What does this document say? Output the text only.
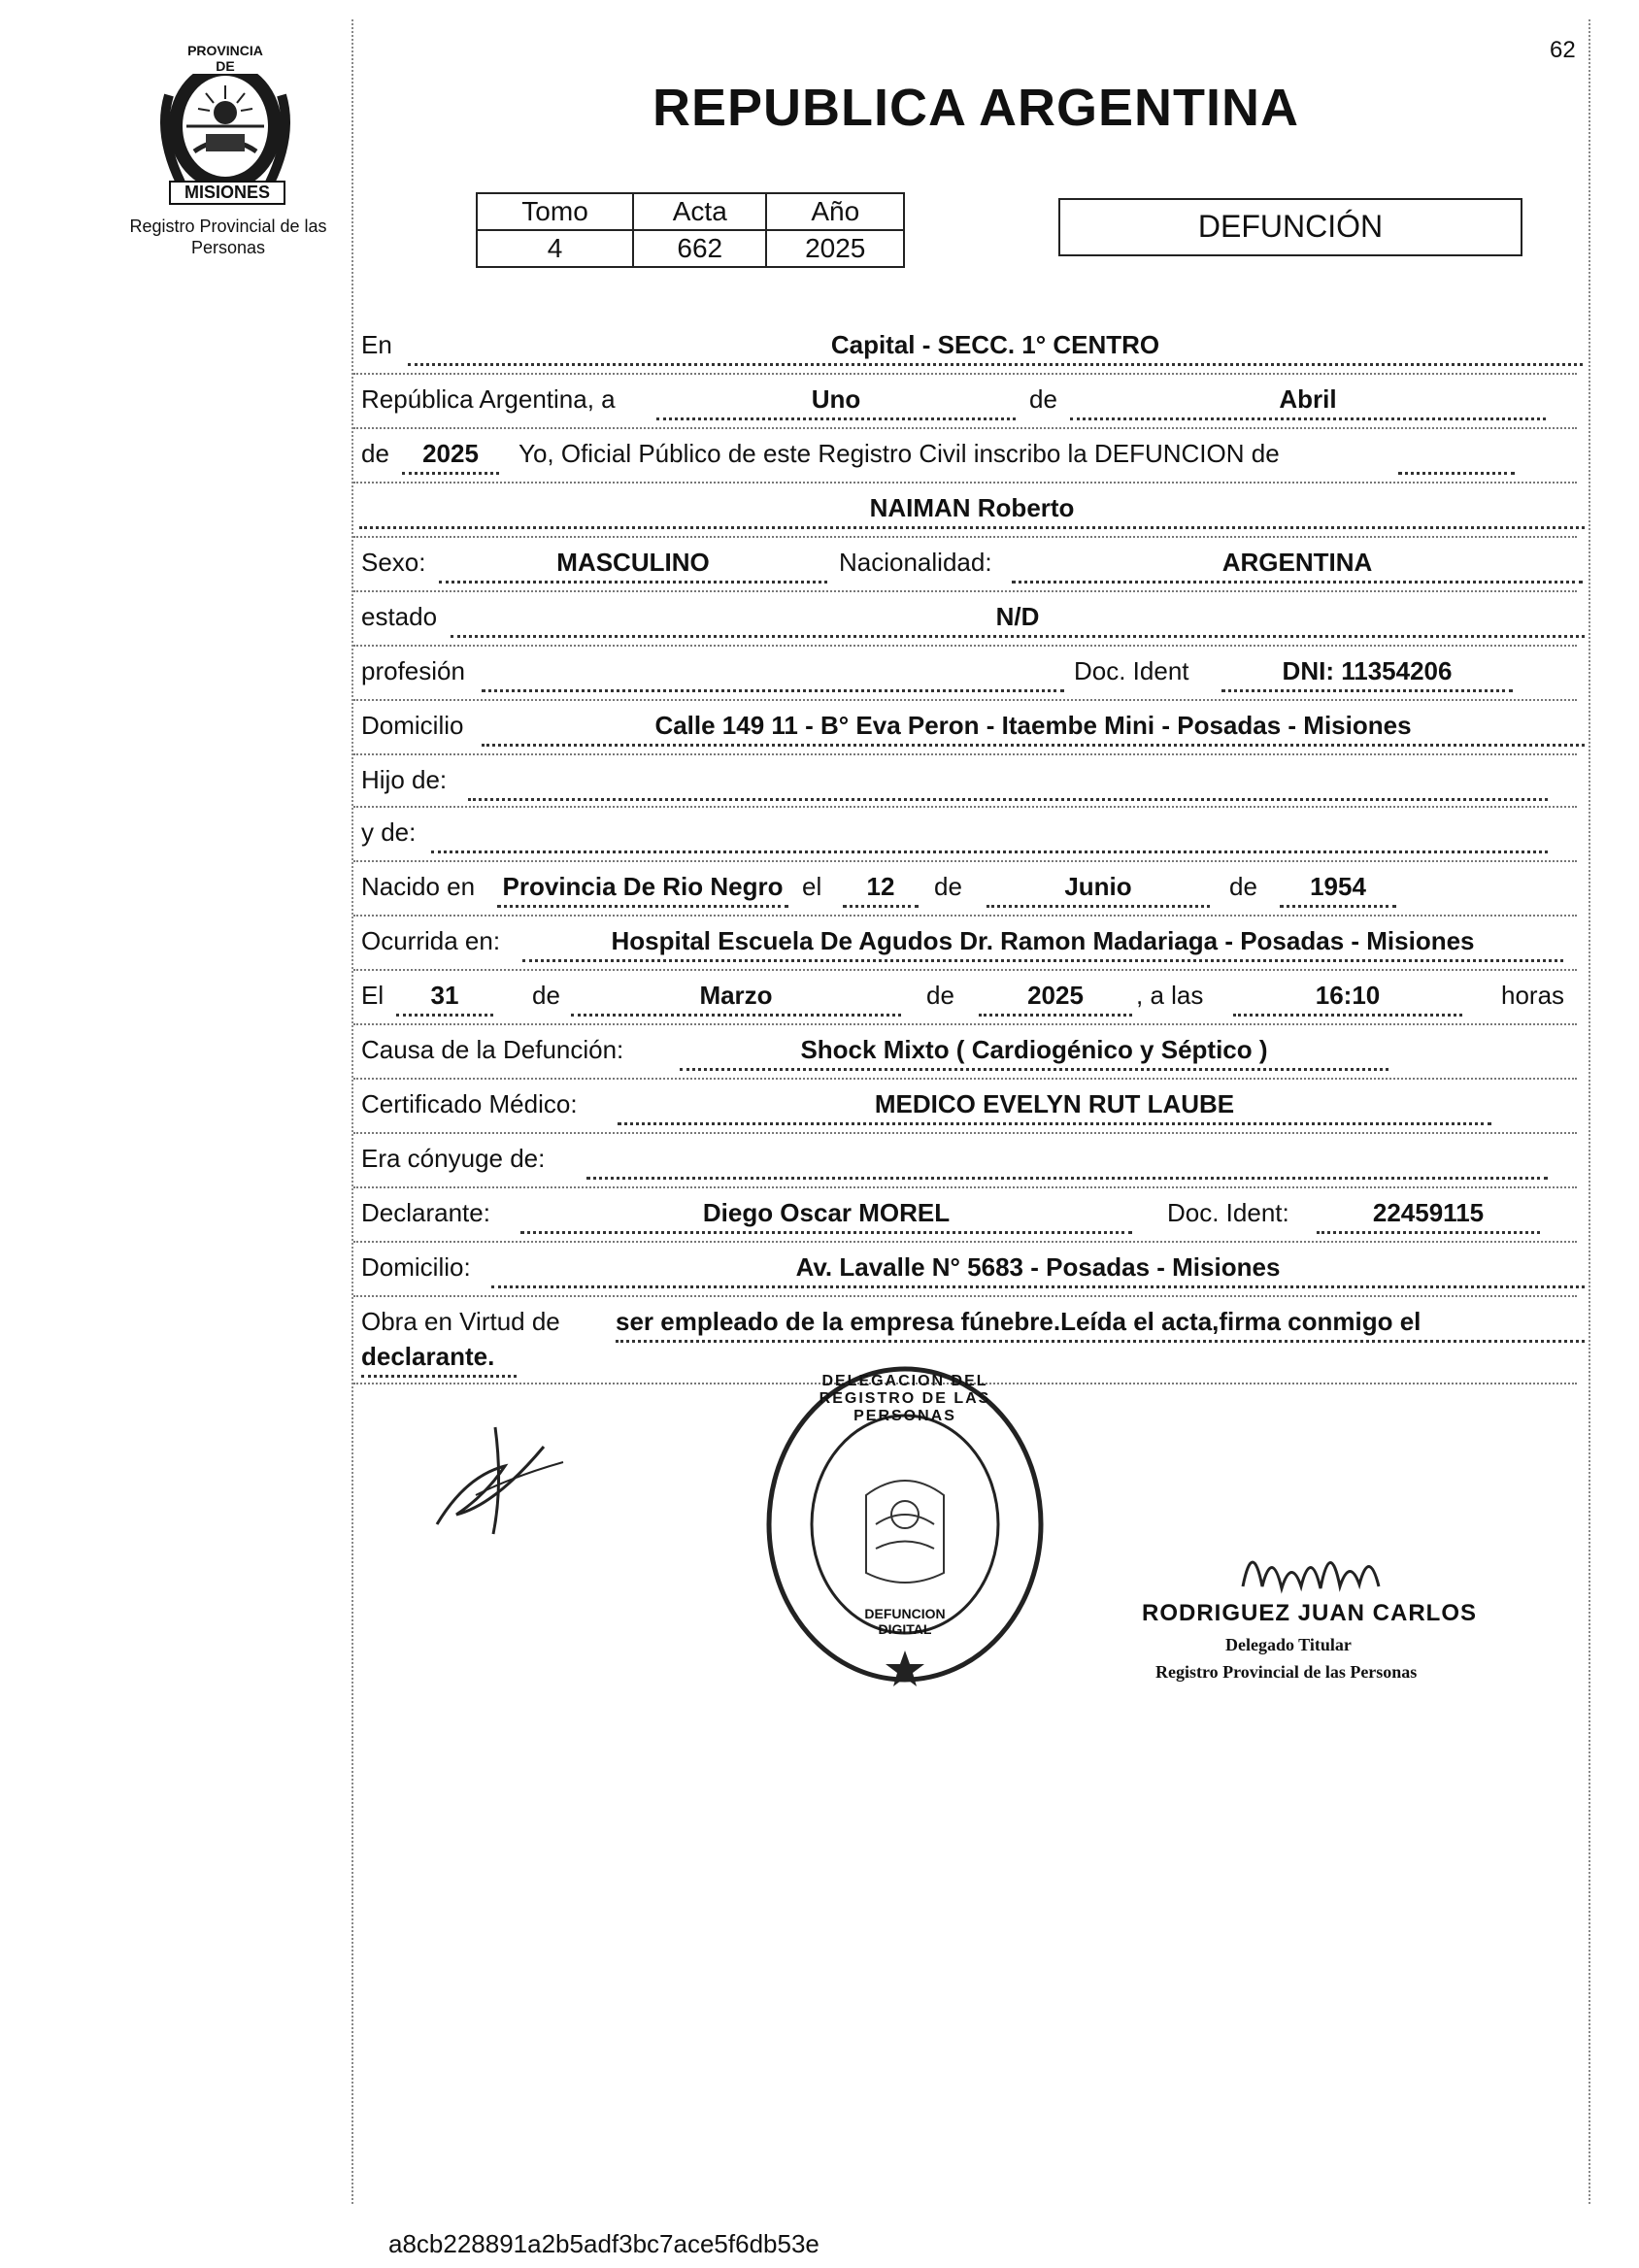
62
PROVINCIA DE
MISIONES
Registro Provincial de las Personas
REPUBLICA ARGENTINA
Tomo	Acta	Año
4	662	2025
DEFUNCIÓN
En	Capital - SECC. 1° CENTRO
República Argentina, a	Uno	de	Abril
de	2025	Yo, Oficial Público de este Registro Civil inscribo la DEFUNCION de
NAIMAN Roberto
Sexo:	MASCULINO	Nacionalidad:	ARGENTINA
estado	N/D
profesión	Doc. Ident	DNI: 11354206
Domicilio	Calle 149 11 - B° Eva Peron - Itaembe Mini - Posadas - Misiones
Hijo de:
y de:
Nacido en Provincia De Rio Negro el	12	de	Junio	de	1954
Ocurrida en:	Hospital Escuela De Agudos Dr. Ramon Madariaga - Posadas - Misiones
El	31	de	Marzo	de	2025	, a las	16:10	horas
Causa de la Defunción:	Shock Mixto ( Cardiogénico y Séptico )
Certificado Médico:	MEDICO EVELYN RUT LAUBE
Era cónyuge de:
Declarante:	Diego Oscar MOREL	Doc. Ident:	22459115
Domicilio:	Av. Lavalle N° 5683 - Posadas - Misiones
Obra en Virtud de ser empleado de la empresa fúnebre.Leída el acta,firma conmigo el
declarante.
DELEGACION DEL REGISTRO DE LAS PERSONAS
DEFUNCION DIGITAL
RODRIGUEZ JUAN CARLOS
Delegado Titular
Registro Provincial de las Personas
a8cb228891a2b5adf3bc7ace5f6db53e
